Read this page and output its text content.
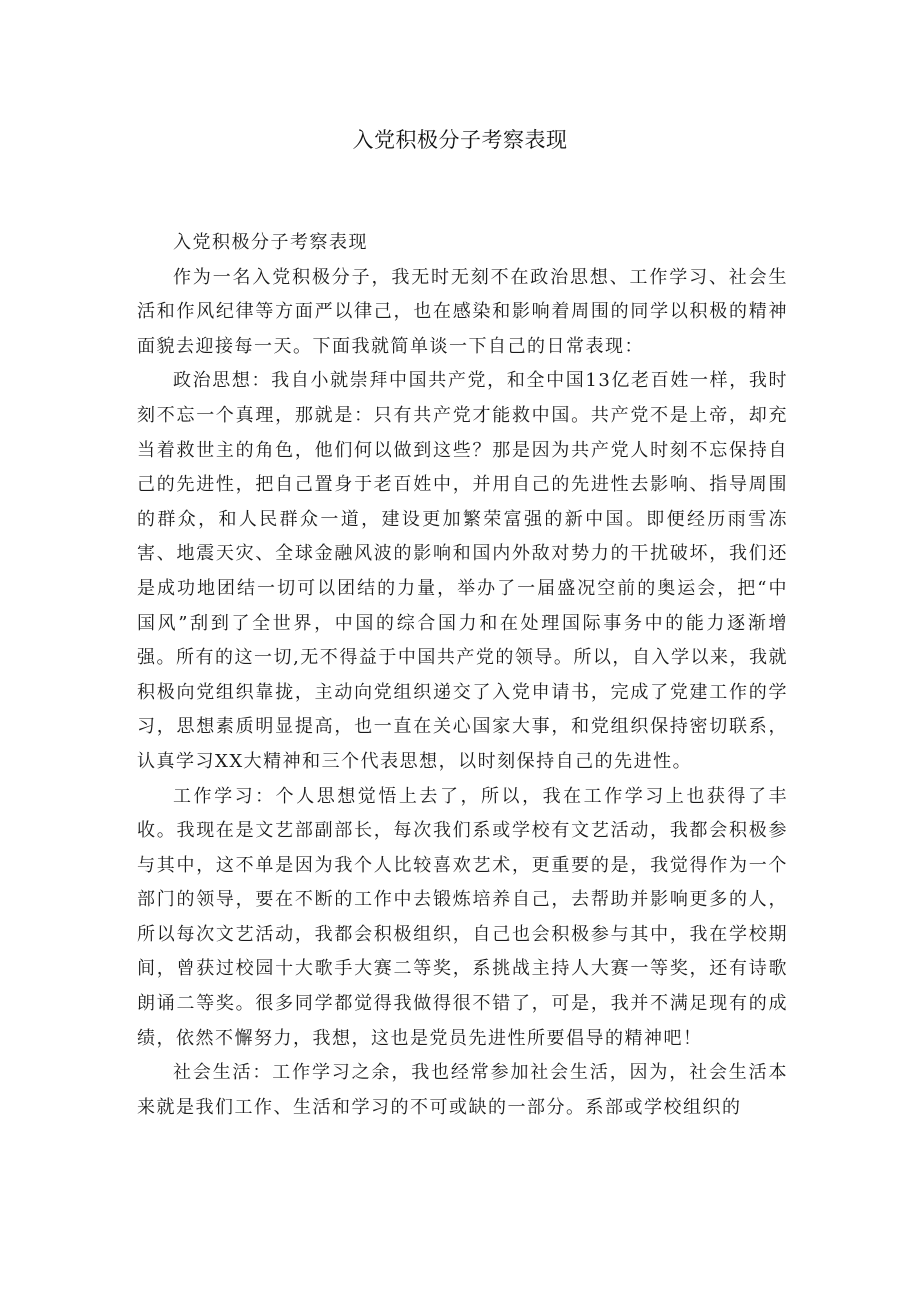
入党积极分子考察表现

入党积极分子考察表现

作为一名入党积极分子，我无时无刻不在政治思想、工作学习、社会生活和作风纪律等方面严以律己，也在感染和影响着周围的同学以积极的精神面貌去迎接每一天。下面我就简单谈一下自己的日常表现：

政治思想：我自小就崇拜中国共产党，和全中国13亿老百姓一样，我时刻不忘一个真理，那就是：只有共产党才能救中国。共产党不是上帝，却充当着救世主的角色，他们何以做到这些？那是因为共产党人时刻不忘保持自己的先进性，把自己置身于老百姓中，并用自己的先进性去影响、指导周围的群众，和人民群众一道，建设更加繁荣富强的新中国。即便经历雨雪冻害、地震天灾、全球金融风波的影响和国内外敌对势力的干扰破坏，我们还是成功地团结一切可以团结的力量，举办了一届盛况空前的奥运会，把“中国风”刮到了全世界，中国的综合国力和在处理国际事务中的能力逐渐增强。所有的这一切,无不得益于中国共产党的领导。所以，自入学以来，我就积极向党组织靠拢，主动向党组织递交了入党申请书，完成了党建工作的学习，思想素质明显提高，也一直在关心国家大事，和党组织保持密切联系，认真学习XX大精神和三个代表思想，以时刻保持自己的先进性。

工作学习：个人思想觉悟上去了，所以，我在工作学习上也获得了丰收。我现在是文艺部副部长，每次我们系或学校有文艺活动，我都会积极参与其中，这不单是因为我个人比较喜欢艺术，更重要的是，我觉得作为一个部门的领导，要在不断的工作中去锻炼培养自己，去帮助并影响更多的人，所以每次文艺活动，我都会积极组织，自己也会积极参与其中，我在学校期间，曾获过校园十大歌手大赛二等奖，系挑战主持人大赛一等奖，还有诗歌朗诵二等奖。很多同学都觉得我做得很不错了，可是，我并不满足现有的成绩，依然不懈努力，我想，这也是党员先进性所要倡导的精神吧！

社会生活：工作学习之余，我也经常参加社会生活，因为，社会生活本来就是我们工作、生活和学习的不可或缺的一部分。系部或学校组织的
